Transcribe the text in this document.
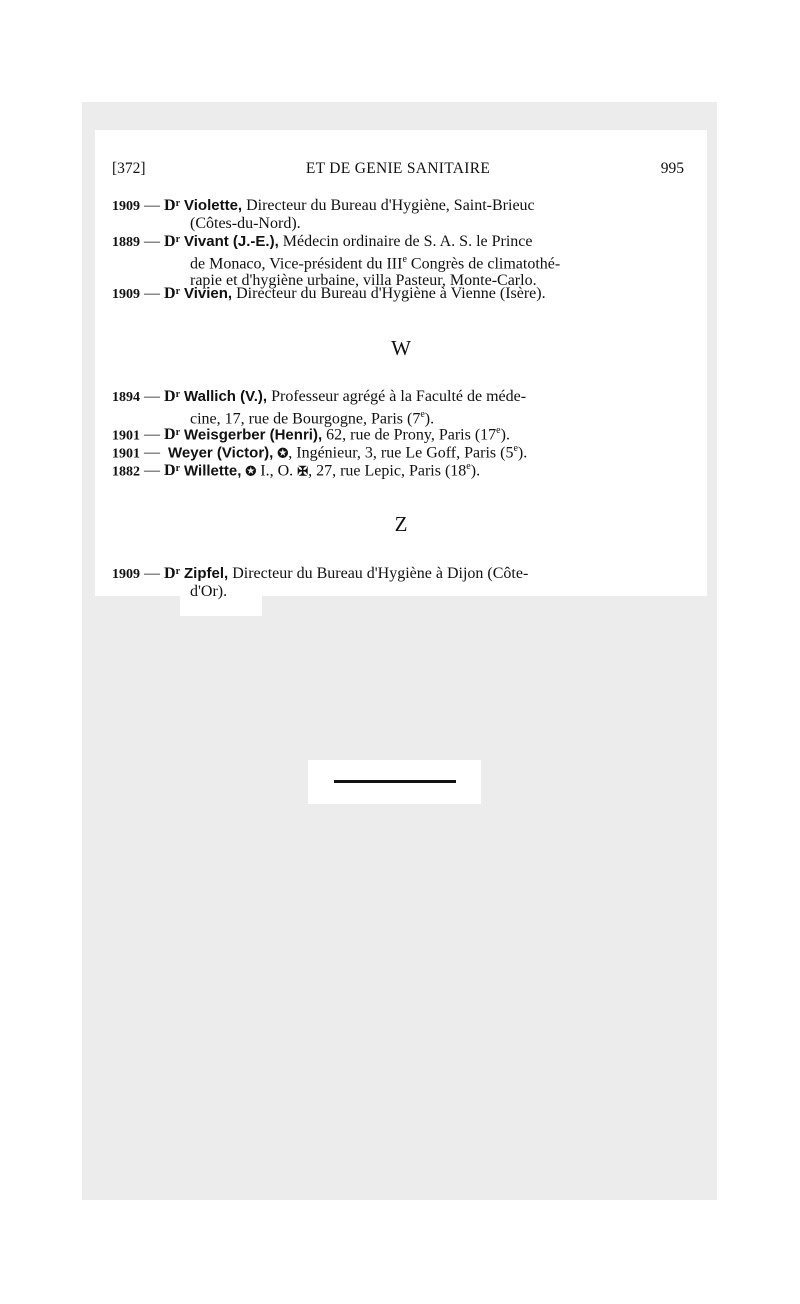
ET DE GENIE SANITAIRE
[372]	995
1909 — $D^r$ Violette, Directeur du Bureau d'Hygiène, Saint-Brieuc
(Côtes-du-Nord).
1889 — $D^r$ Vivant (J.-E.), Médecin ordinaire de S. A. S. le Prince
de Monaco, Vice-président du IIIe Congrès de climatothé-
rapie et d'hygiène urbaine, villa Pasteur, Monte-Carlo.
1909 — $D^r$ Vivien, Directeur du Bureau d'Hygiène à Vienne (Isère).
W
1894 — $D^r$ Wallich (V.), Professeur agrégé à la Faculté de méde-
cine, 17, rue de Bourgogne, Paris (7e).
1901 — $D^r$ Weisgerber (Henri), 62, rue de Prony, Paris (17e).
1901 — Weyer (Victor), ✪, Ingénieur, 3, rue Le Goff, Paris (5e).
1882 — $D^r$ Willette, ✪ I., O. ✠, 27, rue Lepic, Paris (18e).
Z
1909 — $D^r$ Zipfel, Directeur du Bureau d'Hygiène à Dijon (Côte-
d'Or).
